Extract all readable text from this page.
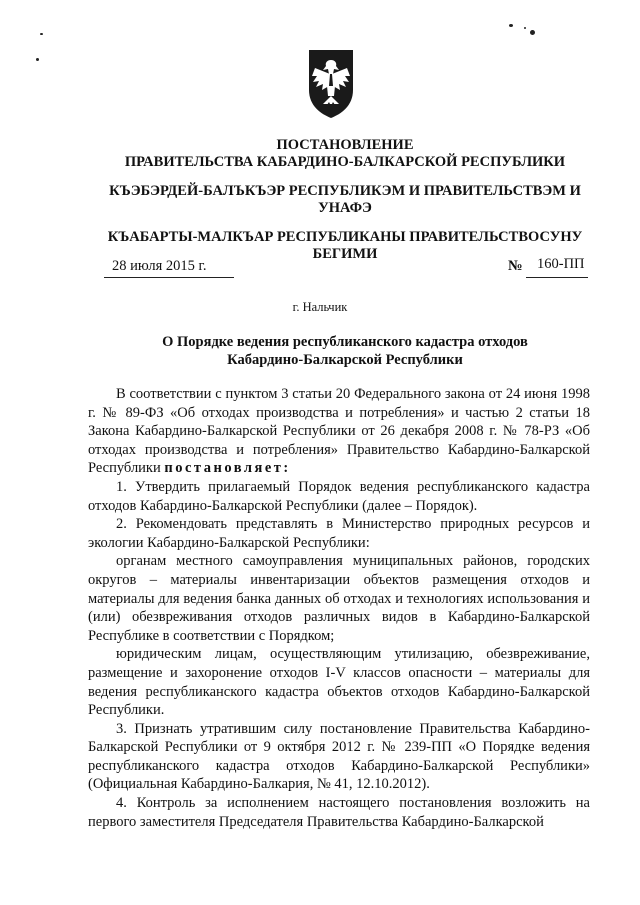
ПОСТАНОВЛЕНИЕ
ПРАВИТЕЛЬСТВА КАБАРДИНО-БАЛКАРСКОЙ РЕСПУБЛИКИ
КЪЭБЭРДЕЙ-БАЛЪКЪЭР РЕСПУБЛИКЭМ И ПРАВИТЕЛЬСТВЭМ И
УНАФЭ
КЪАБАРТЫ-МАЛКЪАР РЕСПУБЛИКАНЫ ПРАВИТЕЛЬСТВОСУНУ
БЕГИМИ
28 июля 2015 г.	№ 160-ПП
г. Нальчик
О Порядке ведения республиканского кадастра отходов
Кабардино-Балкарской Республики

В соответствии с пунктом 3 статьи 20 Федерального закона от 24 июня 1998 г. № 89-ФЗ «Об отходах производства и потребления» и частью 2 статьи 18 Закона Кабардино-Балкарской Республики от 26 декабря 2008 г. № 78-РЗ «Об отходах производства и потребления» Правительство Кабардино-Балкарской Республики постановляет:

1. Утвердить прилагаемый Порядок ведения республиканского кадастра отходов Кабардино-Балкарской Республики (далее – Порядок).

2. Рекомендовать представлять в Министерство природных ресурсов и экологии Кабардино-Балкарской Республики:

органам местного самоуправления муниципальных районов, городских округов – материалы инвентаризации объектов размещения отходов и материалы для ведения банка данных об отходах и технологиях использования и (или) обезвреживания отходов различных видов в Кабардино-Балкарской Республике в соответствии с Порядком;

юридическим лицам, осуществляющим утилизацию, обезвреживание, размещение и захоронение отходов I-V классов опасности – материалы для ведения республиканского кадастра объектов отходов Кабардино-Балкарской Республики.

3. Признать утратившим силу постановление Правительства Кабардино-Балкарской Республики от 9 октября 2012 г. № 239-ПП «О Порядке ведения республиканского кадастра отходов Кабардино-Балкарской Республики» (Официальная Кабардино-Балкария, № 41, 12.10.2012).

4. Контроль за исполнением настоящего постановления возложить на первого заместителя Председателя Правительства Кабардино-Балкарской
